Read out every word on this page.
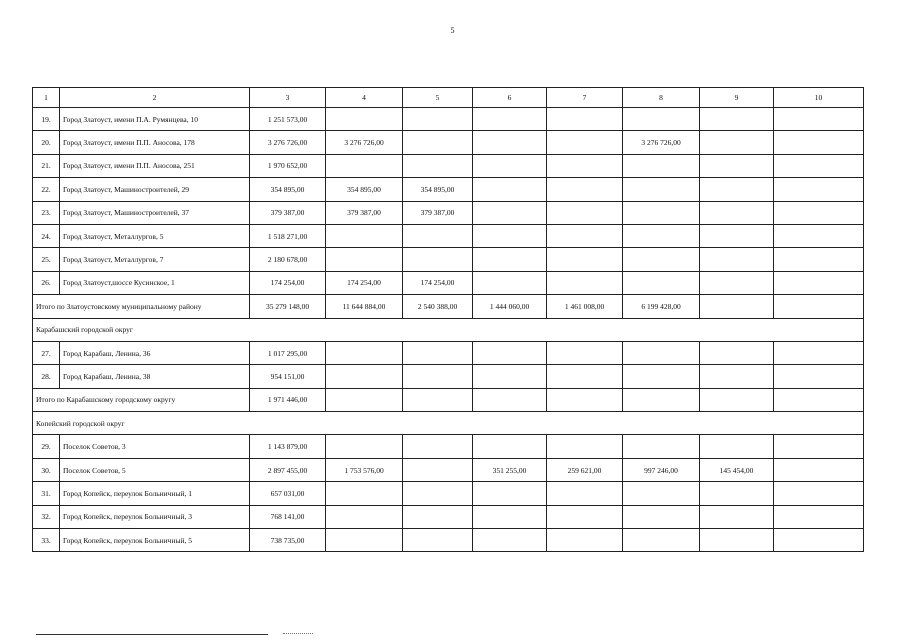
5
1	2	3	4	5	6	7	8	9	10
19.	Город Златоуст, имени П.А. Румянцева, 10	1 251 573,00							
20.	Город Златоуст, имени П.П. Аносова, 178	3 276 726,00	3 276 726,00				3 276 726,00		
21.	Город Златоуст, имени П.П. Аносова, 251	1 970 652,00							
22.	Город Златоуст, Машиностроителей, 29	354 895,00	354 895,00	354 895,00					
23.	Город Златоуст, Машиностроителей, 37	379 387,00	379 387,00	379 387,00					
24.	Город Златоуст, Металлургов, 5	1 518 271,00							
25.	Город Златоуст, Металлургов, 7	2 180 678,00							
26.	Город Златоуст,шоссе Кусинское, 1	174 254,00	174 254,00	174 254,00					
Итого по Златоустовскому муниципальному району		35 279 148,00	11 644 884,00	2 540 388,00	1 444 060,00	1 461 008,00	6 199 428,00		
Карабашский городской округ									
27.	Город Карабаш, Ленина, 36	1 017 295,00							
28.	Город Карабаш, Ленина, 38	954 151,00							
Итого по Карабашскому городскому округу		1 971 446,00							
Копейский городской округ									
29.	Поселок Советов, 3	1 143 879,00							
30.	Поселок Советов, 5	2 897 455,00	1 753 576,00		351 255,00	259 621,00	997 246,00	145 454,00	
31.	Город Копейск, переулок Больничный, 1	657 031,00							
32.	Город Копейск, переулок Больничный, 3	768 141,00							
33.	Город Копейск, переулок Больничный, 5	738 735,00							
